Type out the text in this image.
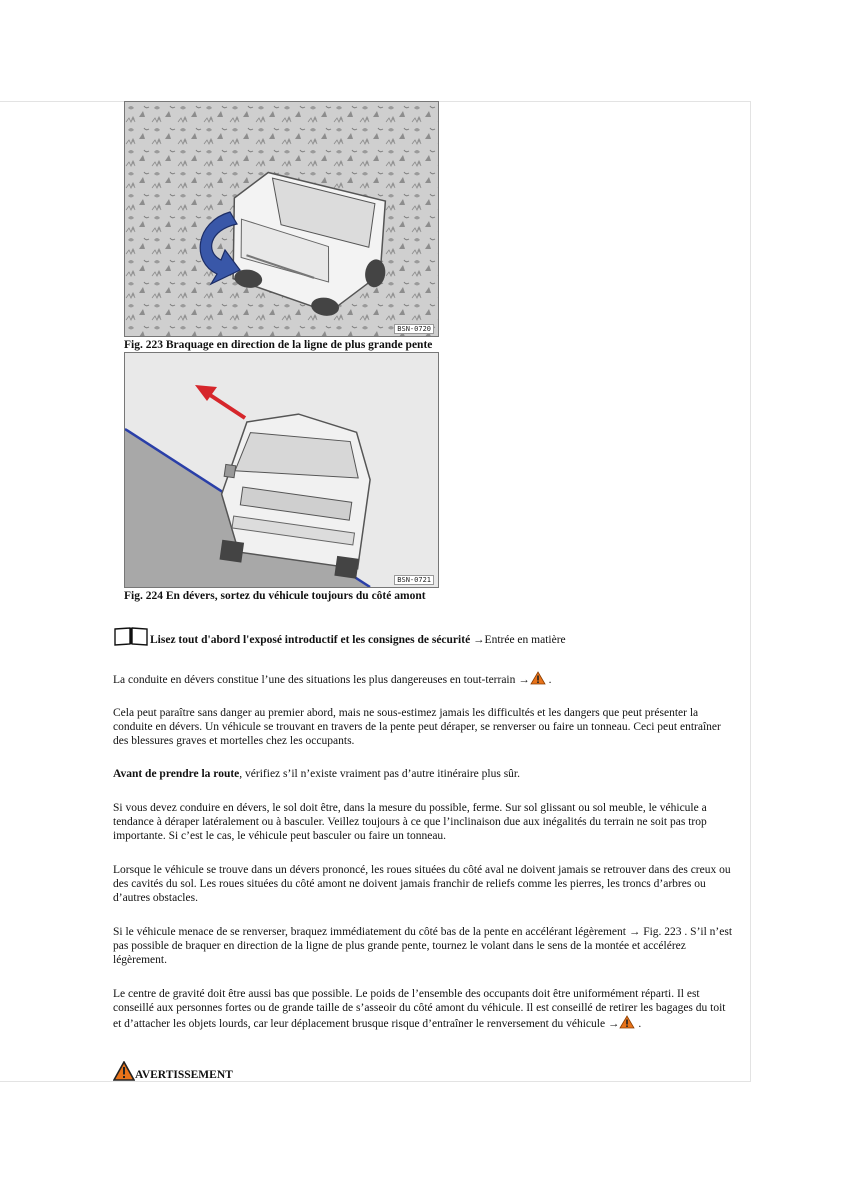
BSN-0720
Fig. 223 Braquage en direction de la ligne de plus grande pente
BSN-0721
Fig. 224 En dévers, sortez du véhicule toujours du côté amont
Lisez tout d'abord l'exposé introductif et les consignes de sécurité
→Entrée en matière

La conduite en dévers constitue l’une des situations les plus dangereuses en tout-terrain → .

Cela peut paraître sans danger au premier abord, mais ne sous-estimez jamais les difficultés et les dangers que peut présenter la conduite en dévers. Un véhicule se trouvant en travers de la pente peut déraper, se renverser ou faire un tonneau. Ceci peut entraîner des blessures graves et mortelles chez les occupants.

Avant de prendre la route, vérifiez s’il n’existe vraiment pas d’autre itinéraire plus sûr.

Si vous devez conduire en dévers, le sol doit être, dans la mesure du possible, ferme. Sur sol glissant ou sol meuble, le véhicule a tendance à déraper latéralement ou à basculer. Veillez toujours à ce que l’inclinaison due aux inégalités du terrain ne soit pas trop importante. Si c’est le cas, le véhicule peut basculer ou faire un tonneau.

Lorsque le véhicule se trouve dans un dévers prononcé, les roues situées du côté aval ne doivent jamais se retrouver dans des creux ou des cavités du sol. Les roues situées du côté amont ne doivent jamais franchir de reliefs comme les pierres, les troncs d’arbres ou d’autres obstacles.

Si le véhicule menace de se renverser, braquez immédiatement du côté bas de la pente en accélérant légèrement → Fig. 223 . S’il n’est pas possible de braquer en direction de la ligne de plus grande pente, tournez le volant dans le sens de la montée et accélérez légèrement.

Le centre de gravité doit être aussi bas que possible. Le poids de l’ensemble des occupants doit être uniformément réparti. Il est conseillé aux personnes fortes ou de grande taille de s’asseoir du côté amont du véhicule. Il est conseillé de retirer les bagages du toit et d’attacher les objets lourds, car leur déplacement brusque risque d’entraîner le renversement du véhicule → .

AVERTISSEMENT
